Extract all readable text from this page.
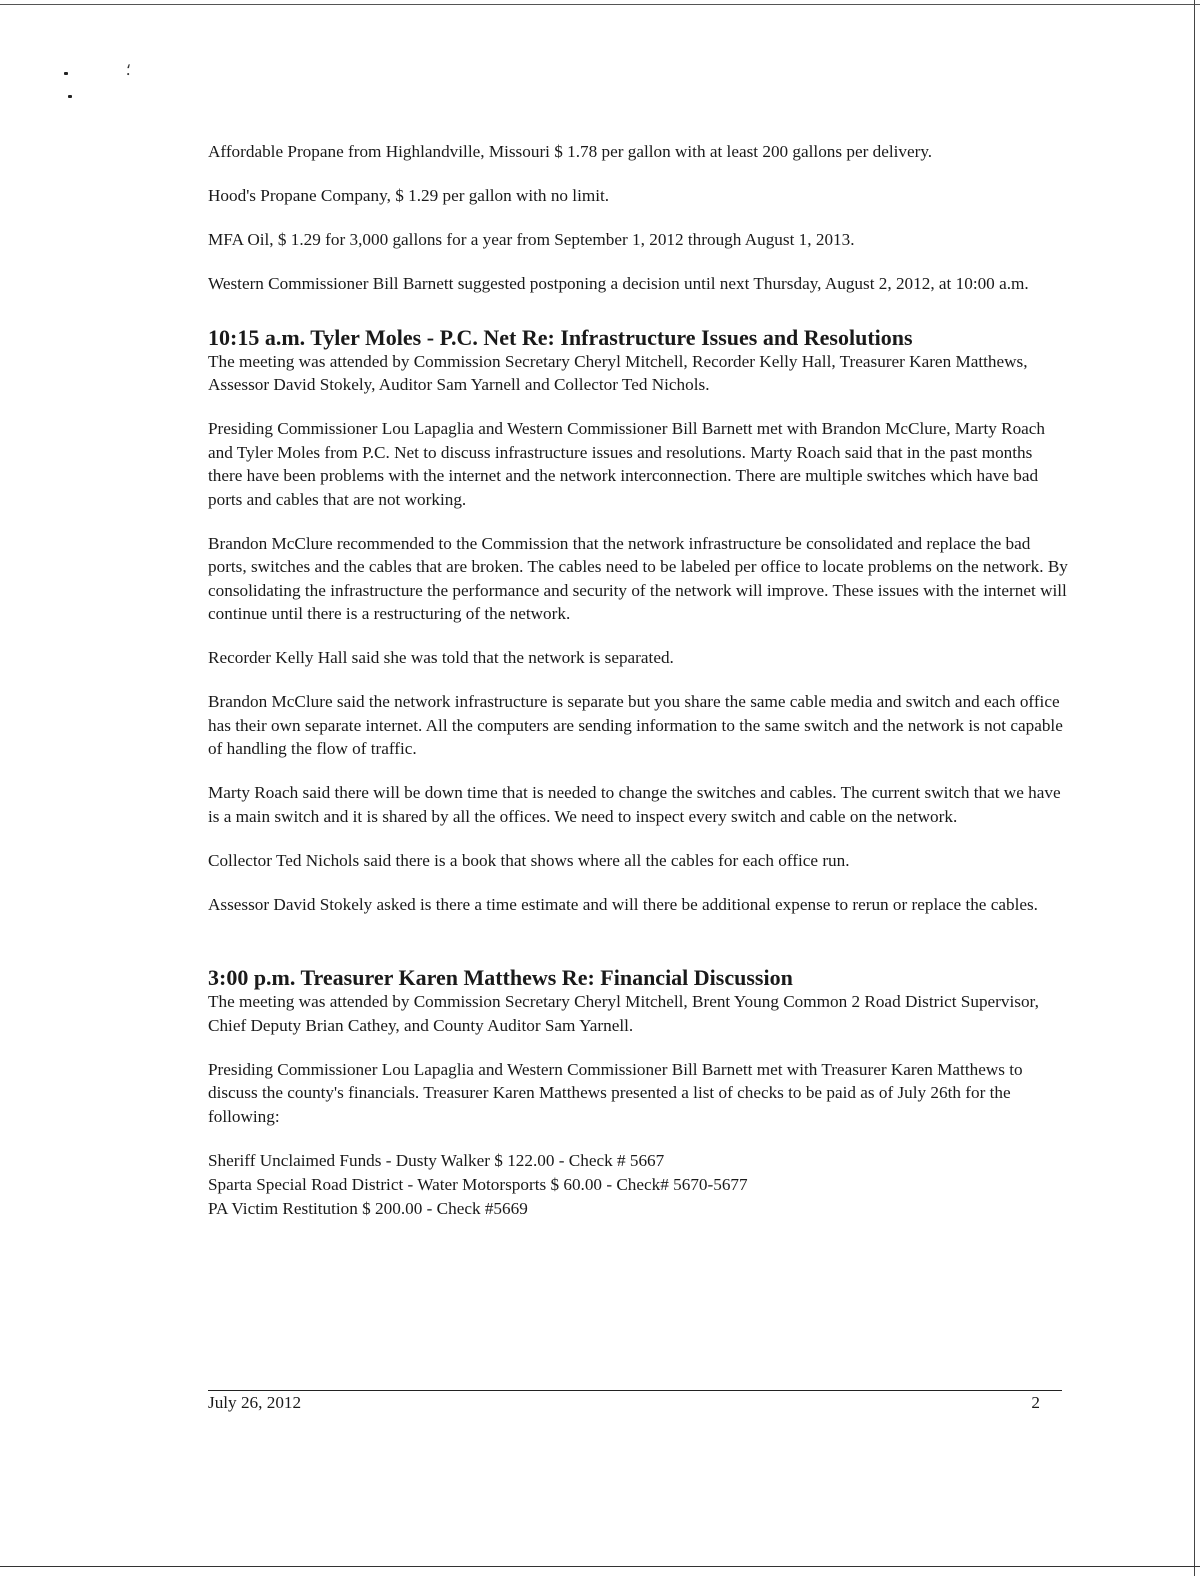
⸵

Affordable Propane from Highlandville, Missouri $ 1.78 per gallon with at least 200 gallons per delivery.

Hood's Propane Company, $ 1.29 per gallon with no limit.

MFA Oil, $ 1.29 for 3,000 gallons for a year from September 1, 2012 through August 1, 2013.

Western Commissioner Bill Barnett suggested postponing a decision until next Thursday, August 2, 2012, at 10:00 a.m.

10:15 a.m. Tyler Moles - P.C. Net Re: Infrastructure Issues and Resolutions

The meeting was attended by Commission Secretary Cheryl Mitchell, Recorder Kelly Hall, Treasurer Karen Matthews, Assessor David Stokely, Auditor Sam Yarnell and Collector Ted Nichols.

Presiding Commissioner Lou Lapaglia and Western Commissioner Bill Barnett met with Brandon McClure, Marty Roach and Tyler Moles from P.C. Net to discuss infrastructure issues and resolutions. Marty Roach said that in the past months there have been problems with the internet and the network interconnection. There are multiple switches which have bad ports and cables that are not working.

Brandon McClure recommended to the Commission that the network infrastructure be consolidated and replace the bad ports, switches and the cables that are broken. The cables need to be labeled per office to locate problems on the network. By consolidating the infrastructure the performance and security of the network will improve. These issues with the internet will continue until there is a restructuring of the network.

Recorder Kelly Hall said she was told that the network is separated.

Brandon McClure said the network infrastructure is separate but you share the same cable media and switch and each office has their own separate internet. All the computers are sending information to the same switch and the network is not capable of handling the flow of traffic.

Marty Roach said there will be down time that is needed to change the switches and cables. The current switch that we have is a main switch and it is shared by all the offices. We need to inspect every switch and cable on the network.

Collector Ted Nichols said there is a book that shows where all the cables for each office run.

Assessor David Stokely asked is there a time estimate and will there be additional expense to rerun or replace the cables.

3:00 p.m. Treasurer Karen Matthews Re: Financial Discussion

The meeting was attended by Commission Secretary Cheryl Mitchell, Brent Young Common 2 Road District Supervisor, Chief Deputy Brian Cathey, and County Auditor Sam Yarnell.

Presiding Commissioner Lou Lapaglia and Western Commissioner Bill Barnett met with Treasurer Karen Matthews to discuss the county's financials. Treasurer Karen Matthews presented a list of checks to be paid as of July 26th for the following:

Sheriff Unclaimed Funds - Dusty Walker $ 122.00 - Check # 5667

Sparta Special Road District - Water Motorsports $ 60.00 - Check# 5670-5677

PA Victim Restitution $ 200.00 - Check #5669

July 26, 2012	2
